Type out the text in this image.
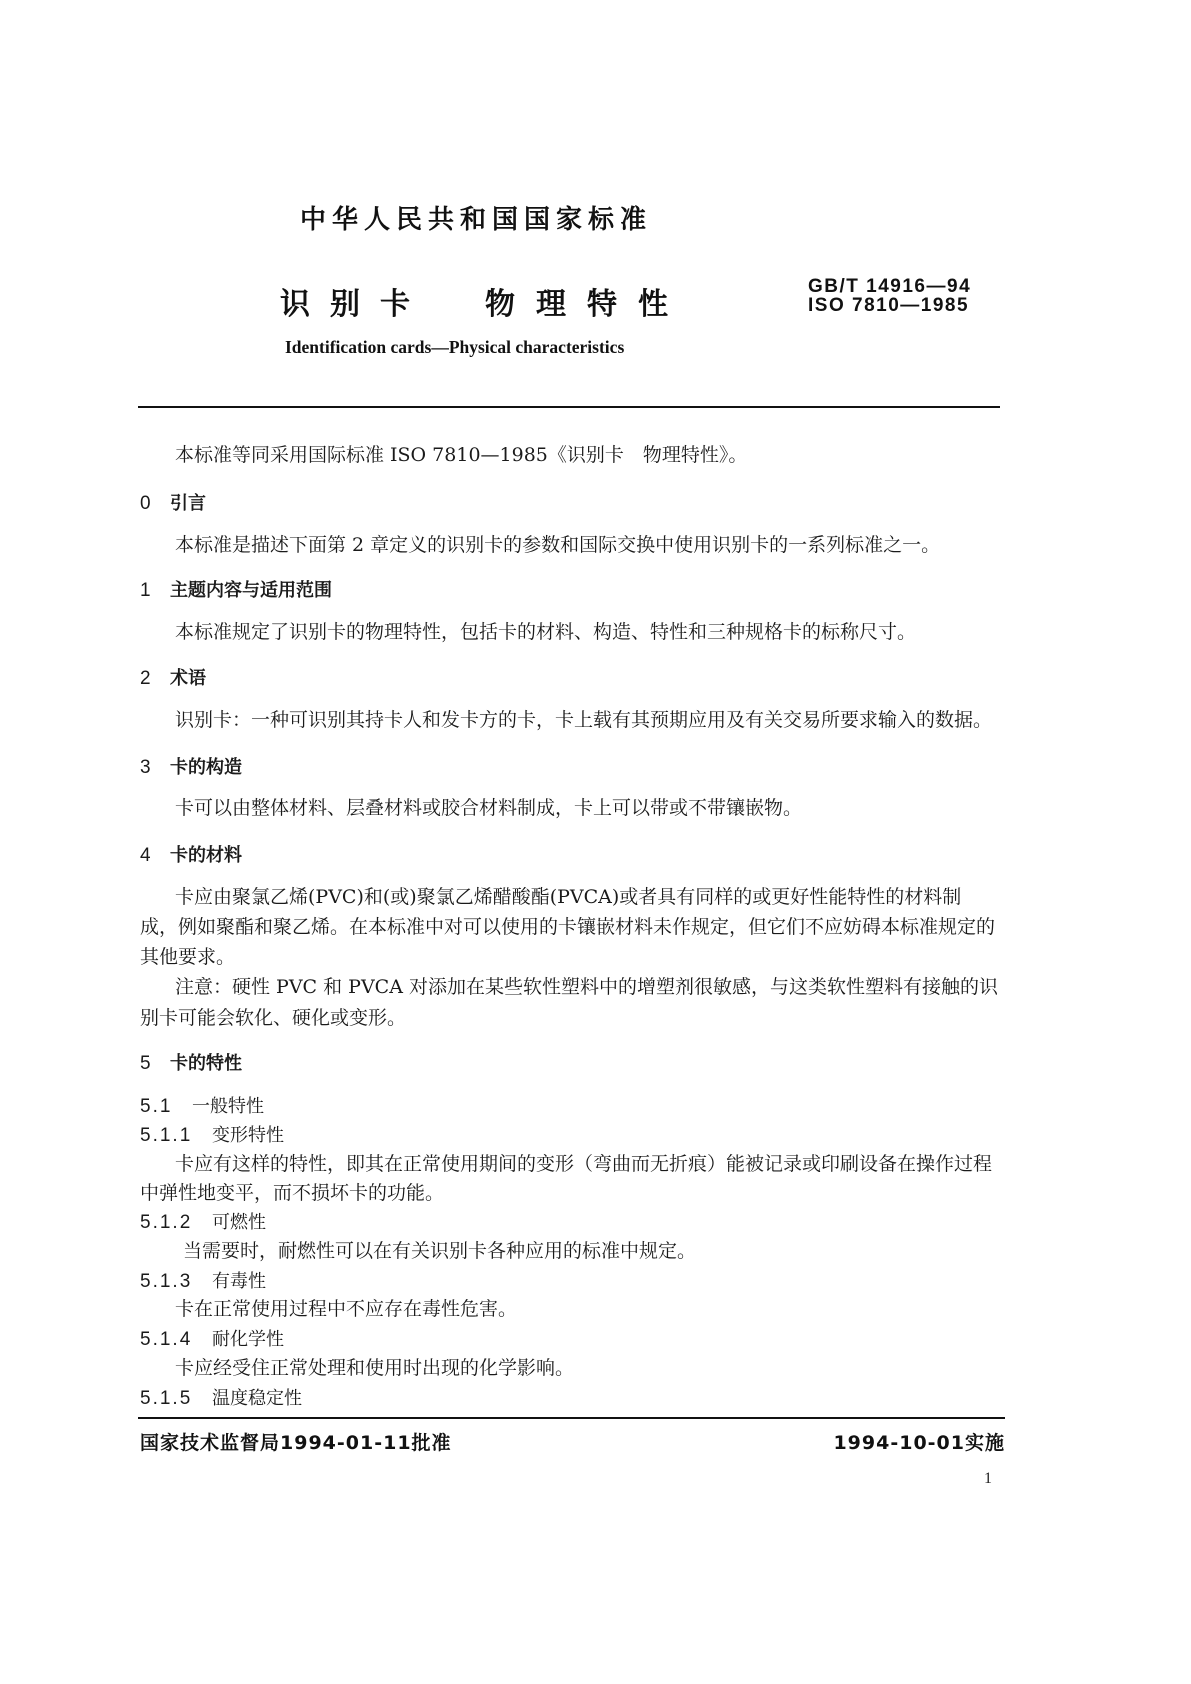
中华人民共和国国家标准
识别卡 物理特性
GB/T 14916—94
ISO 7810—1985
Identification cards—Physical characteristics
本标准等同采用国际标准 ISO 7810—1985《识别卡　物理特性》。
0 引言
本标准是描述下面第 2 章定义的识别卡的参数和国际交换中使用识别卡的一系列标准之一。
1 主题内容与适用范围
本标准规定了识别卡的物理特性，包括卡的材料、构造、特性和三种规格卡的标称尺寸。
2 术语
识别卡：一种可识别其持卡人和发卡方的卡，卡上载有其预期应用及有关交易所要求输入的数据。
3 卡的构造
卡可以由整体材料、层叠材料或胶合材料制成，卡上可以带或不带镶嵌物。
4 卡的材料
卡应由聚氯乙烯(PVC)和(或)聚氯乙烯醋酸酯(PVCA)或者具有同样的或更好性能特性的材料制
成，例如聚酯和聚乙烯。在本标准中对可以使用的卡镶嵌材料未作规定，但它们不应妨碍本标准规定的
其他要求。
注意：硬性 PVC 和 PVCA 对添加在某些软性塑料中的增塑剂很敏感，与这类软性塑料有接触的识
别卡可能会软化、硬化或变形。
5 卡的特性
5.1 一般特性
5.1.1 变形特性
卡应有这样的特性，即其在正常使用期间的变形（弯曲而无折痕）能被记录或印刷设备在操作过程
中弹性地变平，而不损坏卡的功能。
5.1.2 可燃性
当需要时，耐燃性可以在有关识别卡各种应用的标准中规定。
5.1.3 有毒性
卡在正常使用过程中不应存在毒性危害。
5.1.4 耐化学性
卡应经受住正常处理和使用时出现的化学影响。
5.1.5 温度稳定性
国家技术监督局1994-01-11批准	1994-10-01实施
1
